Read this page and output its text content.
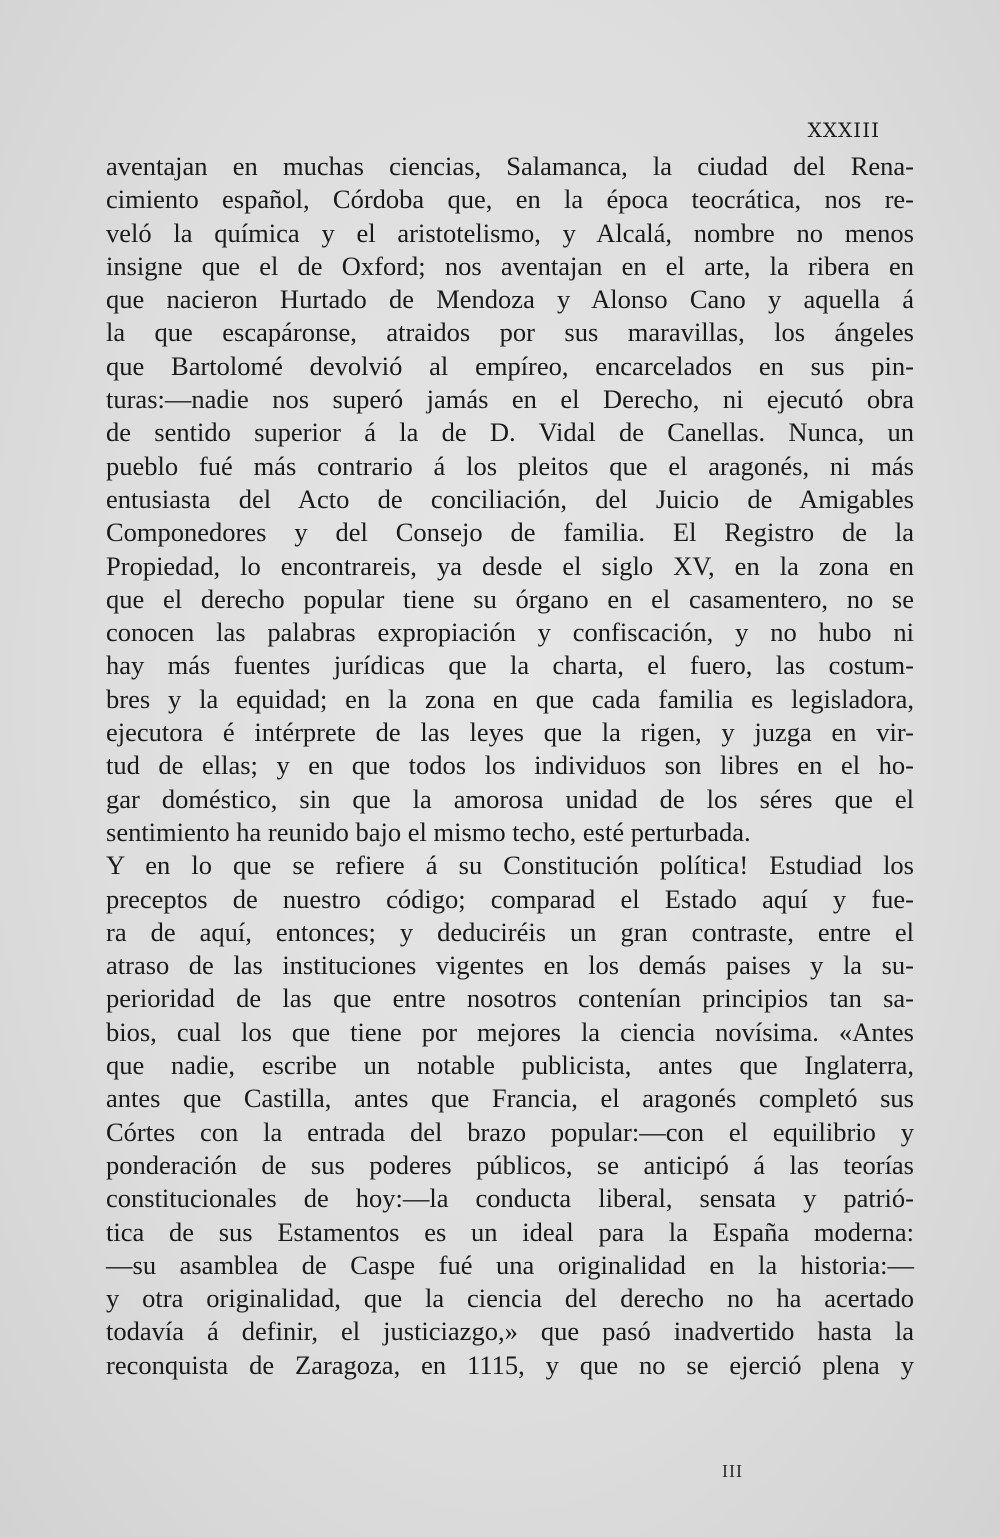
XXXIII
aventajan en muchas ciencias, Salamanca, la ciudad del Rena-
cimiento español, Córdoba que, en la época teocrática, nos re-
veló la química y el aristotelismo, y Alcalá, nombre no menos
insigne que el de Oxford; nos aventajan en el arte, la ribera en
que nacieron Hurtado de Mendoza y Alonso Cano y aquella á
la que escapáronse, atraidos por sus maravillas, los ángeles
que Bartolomé devolvió al empíreo, encarcelados en sus pin-
turas:—nadie nos superó jamás en el Derecho, ni ejecutó obra
de sentido superior á la de D. Vidal de Canellas. Nunca, un
pueblo fué más contrario á los pleitos que el aragonés, ni más
entusiasta del Acto de conciliación, del Juicio de Amigables
Componedores y del Consejo de familia. El Registro de la
Propiedad, lo encontrareis, ya desde el siglo XV, en la zona en
que el derecho popular tiene su órgano en el casamentero, no se
conocen las palabras expropiación y confiscación, y no hubo ni
hay más fuentes jurídicas que la charta, el fuero, las costum-
bres y la equidad; en la zona en que cada familia es legisladora,
ejecutora é intérprete de las leyes que la rigen, y juzga en vir-
tud de ellas; y en que todos los individuos son libres en el ho-
gar doméstico, sin que la amorosa unidad de los séres que el
sentimiento ha reunido bajo el mismo techo, esté perturbada.
Y en lo que se refiere á su Constitución política! Estudiad los
preceptos de nuestro código; comparad el Estado aquí y fue-
ra de aquí, entonces; y deduciréis un gran contraste, entre el
atraso de las instituciones vigentes en los demás paises y la su-
perioridad de las que entre nosotros contenían principios tan sa-
bios, cual los que tiene por mejores la ciencia novísima. «Antes
que nadie, escribe un notable publicista, antes que Inglaterra,
antes que Castilla, antes que Francia, el aragonés completó sus
Córtes con la entrada del brazo popular:—con el equilibrio y
ponderación de sus poderes públicos, se anticipó á las teorías
constitucionales de hoy:—la conducta liberal, sensata y patrió-
tica de sus Estamentos es un ideal para la España moderna:
—su asamblea de Caspe fué una originalidad en la historia:—
y otra originalidad, que la ciencia del derecho no ha acertado
todavía á definir, el justiciazgo,» que pasó inadvertido hasta la
reconquista de Zaragoza, en 1115, y que no se ejerció plena y
III
